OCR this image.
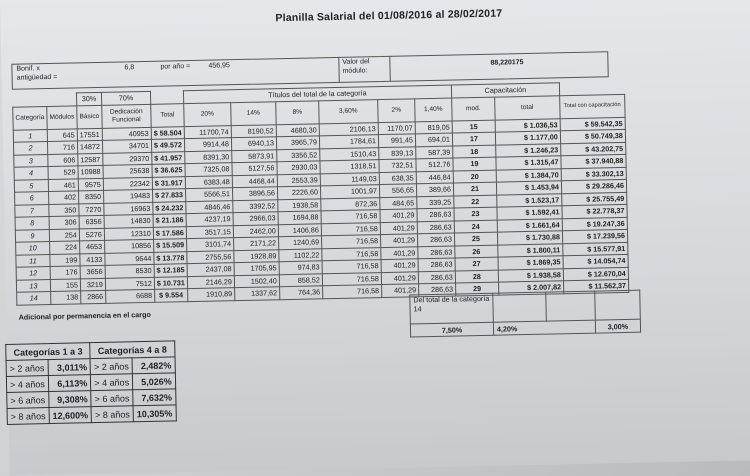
Planilla Salarial del 01/08/2016 al 28/02/2017
Bonif. x
antigüedad =
6,8	por año =	456,95
Valor del
módulo:
88,220175
		30%	70%		Títulos del total de la categoría						Capacitación		
Categoría	Módulos	Básico	Dedicación Funcional	Total	20%	14%	8%	3,60%	2%	1,40%	mod.	total	Total con capacitación
1	645	17551	40953	$ 58.504	11700,74	8190,52	4680,30	2106,13	1170,07	819,05	15	$ 1.036,53	$ 59.542,35
2	716	14872	34701	$ 49.572	9914,48	6940,13	3965,79	1784,61	991,45	694,01	17	$ 1.177,00	$ 50.749,38
3	606	12587	29370	$ 41.957	8391,30	5873,91	3356,52	1510,43	839,13	587,39	18	$ 1.246,23	$ 43.202,75
4	529	10988	25638	$ 36.625	7325,08	5127,56	2930,03	1318,51	732,51	512,76	19	$ 1.315,47	$ 37.940,88
5	461	9575	22342	$ 31.917	6383,48	4468,44	2553,39	1149,03	638,35	446,84	20	$ 1.384,70	$ 33.302,13
6	402	8350	19483	$ 27.833	5566,51	3896,56	2226,60	1001,97	556,65	389,66	21	$ 1.453,94	$ 29.286,46
7	350	7270	16963	$ 24.232	4846,46	3392,52	1938,58	872,36	484,65	339,25	22	$ 1.523,17	$ 25.755,49
8	306	6356	14830	$ 21.186	4237,19	2966,03	1694,88	716,58	401,29	286,63	23	$ 1.592,41	$ 22.778,37
9	254	5276	12310	$ 17.586	3517,15	2462,00	1406,86	716,58	401,29	286,63	24	$ 1.661,64	$ 19.247,36
10	224	4653	10856	$ 15.509	3101,74	2171,22	1240,69	716,58	401,29	286,63	25	$ 1.730,88	$ 17.239,56
11	199	4133	9644	$ 13.778	2755,56	1928,89	1102,22	716,58	401,29	286,63	26	$ 1.800,11	$ 15.577,91
12	176	3656	8530	$ 12.185	2437,08	1705,95	974,83	716,58	401,29	286,63	27	$ 1.869,35	$ 14.054,74
13	155	3219	7512	$ 10.731	2146,29	1502,40	858,52	716,58	401,29	286,63	28	$ 1.938,58	$ 12.670,04
14	138	2866	6688	$ 9.554	1910,89	1337,62	764,36	716,58	401,29	286,63	29	$ 2.007,82	$ 11.562,37
Adicional por permanencia en el cargo
Del total de la categoría
14			
7,50%	4,20%		3,00%
Categorías 1 a 3		Categorías 4 a 8	
> 2 años	3,011%	> 2 años	2,482%
> 4 años	6,113%	> 4 años	5,026%
> 6 años	9,308%	> 6 años	7,632%
> 8 años	12,600%	> 8 años	10,305%
